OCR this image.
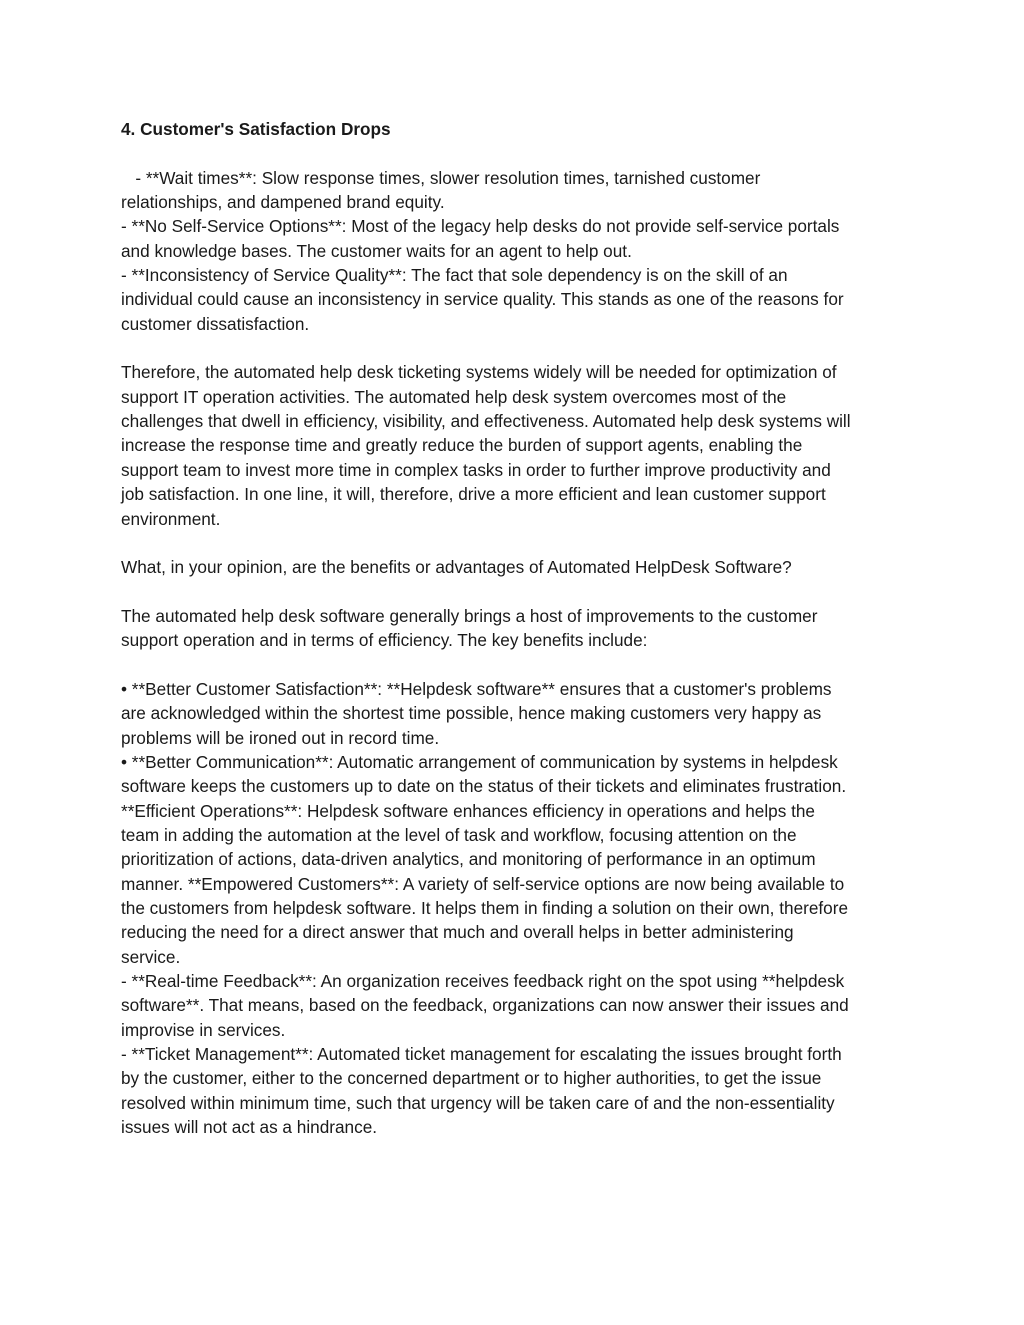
4. Customer's Satisfaction Drops

- **Wait times**: Slow response times, slower resolution times, tarnished customer
relationships, and dampened brand equity.
- **No Self-Service Options**: Most of the legacy help desks do not provide self-service portals
and knowledge bases. The customer waits for an agent to help out.
- **Inconsistency of Service Quality**: The fact that sole dependency is on the skill of an
individual could cause an inconsistency in service quality. This stands as one of the reasons for
customer dissatisfaction.
Therefore, the automated help desk ticketing systems widely will be needed for optimization of
support IT operation activities. The automated help desk system overcomes most of the
challenges that dwell in efficiency, visibility, and effectiveness. Automated help desk systems will
increase the response time and greatly reduce the burden of support agents, enabling the
support team to invest more time in complex tasks in order to further improve productivity and
job satisfaction. In one line, it will, therefore, drive a more efficient and lean customer support
environment.
What, in your opinion, are the benefits or advantages of Automated HelpDesk Software?
The automated help desk software generally brings a host of improvements to the customer
support operation and in terms of efficiency. The key benefits include:
• **Better Customer Satisfaction**: **Helpdesk software** ensures that a customer's problems
are acknowledged within the shortest time possible, hence making customers very happy as
problems will be ironed out in record time.
• **Better Communication**: Automatic arrangement of communication by systems in helpdesk
software keeps the customers up to date on the status of their tickets and eliminates frustration.
**Efficient Operations**: Helpdesk software enhances efficiency in operations and helps the
team in adding the automation at the level of task and workflow, focusing attention on the
prioritization of actions, data-driven analytics, and monitoring of performance in an optimum
manner. **Empowered Customers**: A variety of self-service options are now being available to
the customers from helpdesk software. It helps them in finding a solution on their own, therefore
reducing the need for a direct answer that much and overall helps in better administering
service.
- **Real-time Feedback**: An organization receives feedback right on the spot using **helpdesk
software**. That means, based on the feedback, organizations can now answer their issues and
improvise in services.
- **Ticket Management**: Automated ticket management for escalating the issues brought forth
by the customer, either to the concerned department or to higher authorities, to get the issue
resolved within minimum time, such that urgency will be taken care of and the non-essentiality
issues will not act as a hindrance.
